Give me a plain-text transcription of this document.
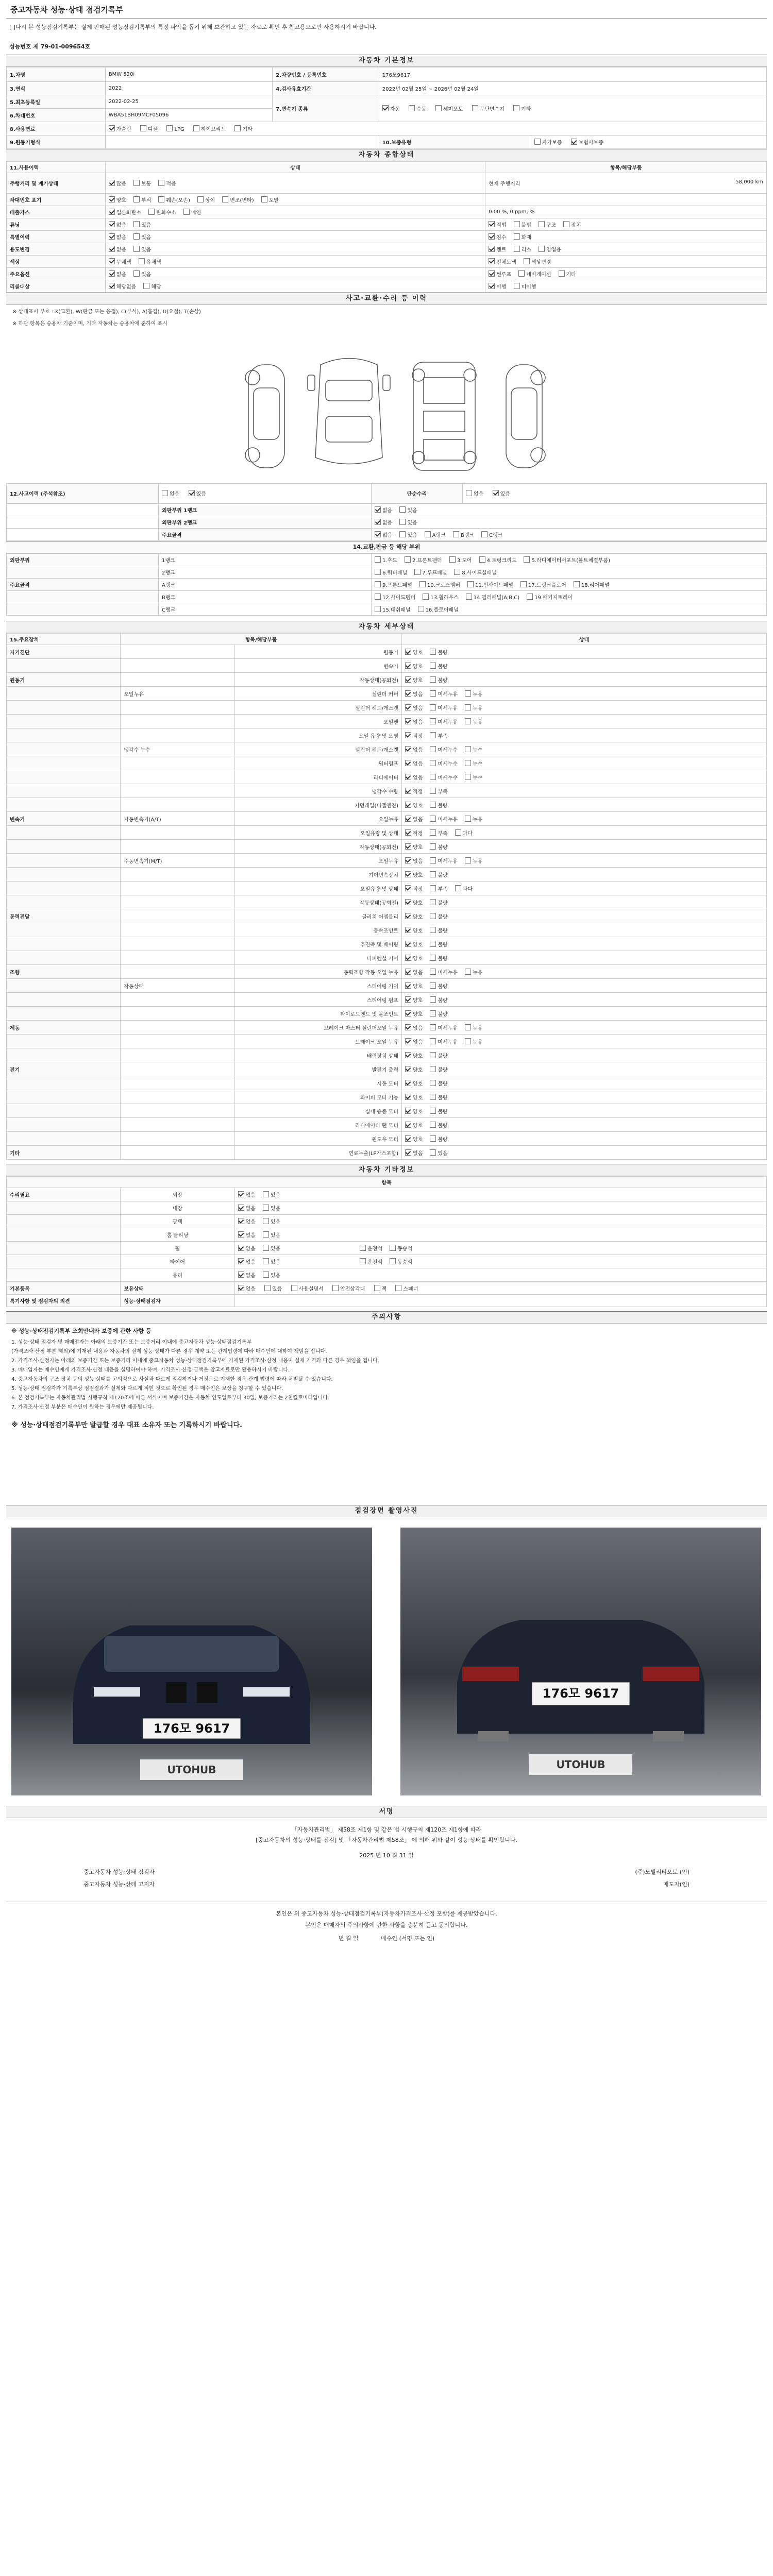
중고자동차 성능·상태 점검기록부
[ ]다시 본 성능점검기록부는 실제 판매된 성능점검기록부의 특징 파악을 돕기 위해 보관하고 있는 자료로 확인 후 참고용으로만 사용하시기 바랍니다.
성능번호 제 79-01-009654호
자동차 기본정보
1.차명	BMW 520i	2.차량번호 / 등록번호	176모9617	
3.연식	2022	4.검사유효기간	2022년 02월 25일 ~ 2026년 02월 24일	
5.최초등록일	2022-02-25	7.변속기 종류	자동 수동 세미오토 무단변속기 기타	
6.차대번호	WBA51BH09MCF05096			
8.사용연료	가솔린 디젤 LPG 하이브리드 기타			
9.원동기형식			10.보증유형	자가보증 보험사보증
자동차 종합상태
11.사용이력	상태	항목/해당부품
주행거리 및 계기상태	많음 보통 적음	현재 주행거리 58,000 km

차대번호 표기	양호 부식 훼손(오손) 상이 변조(변타) 도말	
배출가스	일산화탄소 탄화수소 매연	0.00 %, 0 ppm, %
튜닝	없음 있음	적법 불법 구조 장치
특별이력	없음 있음	침수 화재
용도변경	없음 있음	렌트 리스 영업용
색상	무채색 유채색	전체도색 색상변경
주요옵션	없음 있음	썬루프 네비게이션 기타
리콜대상	해당없음 해당	이행 미이행
사고·교환·수리 등 이력
※ 상태표시 부호 : X(교환), W(판금 또는 용접), C(부식), A(흠집), U(요철), T(손상)
※ 하단 항목은 승용차 기준이며, 기타 자동차는 승용차에 준하여 표시
12.사고이력 (주석참조)	없음	있음	단순수리	없음	있음
	외판부위 1랭크	없음 있음
	외판부위 2랭크	없음 있음
	주요골격	없음 있음 A랭크 B랭크 C랭크
14.교환,판금 등 해당 부위
외판부위	1랭크	1.후드 2.프론트펜더 3.도어 4.트렁크리드 5.라디에이터서포트(볼트체결부품)
	2랭크	6.쿼터패널 7.루프패널 8.사이드실패널
주요골격	A랭크	9.프론트패널 10.크로스멤버 11.인사이드패널 17.트렁크플로어 18.리어패널
	B랭크	12.사이드멤버 13.휠하우스 14.필러패널(A,B,C) 19.패키지트레이
	C랭크	15.대쉬패널 16.플로어패널
자동차 세부상태
15.주요장치	항목/해당부품		상태
자기진단		원동기	양호 불량
		변속기	양호 불량
원동기		작동상태(공회전)	양호 불량
	오일누유	실린더 커버	없음 미세누유 누유
		실린더 헤드/개스켓	없음 미세누유 누유
		오일팬	없음 미세누유 누유
		오일 유량 및 오염	적정 부족
	냉각수 누수	실린더 헤드/개스켓	없음 미세누수 누수
		워터펌프	없음 미세누수 누수
		라디에이터	없음 미세누수 누수
		냉각수 수량	적정 부족
		커먼레일(디젤엔진)	양호 불량
변속기	자동변속기(A/T)	오일누유	없음 미세누유 누유
		오일유량 및 상태	적정 부족 과다
		작동상태(공회전)	양호 불량
	수동변속기(M/T)	오일누유	없음 미세누유 누유
		기어변속장치	양호 불량
		오일유량 및 상태	적정 부족 과다
		작동상태(공회전)	양호 불량
동력전달		클러치 어셈블리	양호 불량
		등속조인트	양호 불량
		추진축 및 베어링	양호 불량
		디퍼렌셜 기어	양호 불량
조향		동력조향 작동 오일 누유	없음 미세누유 누유
	작동상태	스티어링 기어	양호 불량
		스티어링 펌프	양호 불량
		타이로드엔드 및 볼조인트	양호 불량
제동		브레이크 마스터 실린더오일 누유	없음 미세누유 누유
		브레이크 오일 누유	없음 미세누유 누유
		배력장치 상태	양호 불량
전기		발전기 출력	양호 불량
		시동 모터	양호 불량
		와이퍼 모터 기능	양호 불량
		실내 송풍 모터	양호 불량
		라디에이터 팬 모터	양호 불량
		윈도우 모터	양호 불량
기타		연료누출(LP가스포함)	없음 있음
자동차 기타정보
항목		
수리필요	외장	없음 있음
	내장	없음 있음
	광택	없음 있음
	룸 클리닝	없음 있음
	휠	없음 있음 운전석 동승석
	타이어	없음 있음 운전석 동승석
	유리	없음 있음
기본품목	보유상태	없음 있음 사용설명서 안전삼각대 잭 스패너
특기사항 및 점검자의 의견	성능·상태점검자	
주의사항
※ 성능·상태점검기록부 조회안내와 보증에 관한 사항 등
1. 성능·상태 점검자 및 매매업자는 아래의 보증기간 또는 보증거리 이내에 중고자동차 성능·상태점검기록부
(가격조사·산정 부분 제외)에 기재된 내용과 자동차의 실제 성능·상태가 다른 경우 계약 또는 관계법령에 따라 매수인에 대하여 책임을 집니다.
2. 가격조사·산정자는 아래의 보증기간 또는 보증거리 이내에 중고자동차 성능·상태점검기록부에 기재된 가격조사·산정 내용이 실제 가격과 다른 경우 책임을 집니다.
3. 매매업자는 매수인에게 가격조사·산정 내용을 설명하여야 하며, 가격조사·산정 금액은 참고자료로만 활용하시기 바랍니다.
4. 중고자동차의 구조·장치 등의 성능·상태를 고의적으로 사실과 다르게 점검하거나 거짓으로 기재한 경우 관계 법령에 따라 처벌될 수 있습니다.
5. 성능·상태 점검자가 기록부상 점검결과가 실제와 다르게 적힌 것으로 확인된 경우 매수인은 보상을 청구할 수 있습니다.
6. 본 점검기록부는 자동차관리법 시행규칙 제120조에 따른 서식이며 보증기간은 자동차 인도일로부터 30일, 보증거리는 2천킬로미터입니다.
7. 가격조사·산정 부분은 매수인이 원하는 경우에만 제공됩니다.
※ 성능·상태점검기록부만 발급할 경우 대표 소유자 또는 기록하시기 바랍니다.
점검장면 촬영사진
176모 9617
UTOHUB
176모 9617
UTOHUB
서명
「자동차관리법」 제58조 제1항 및 같은 법 시행규칙 제120조 제1항에 따라
[중고자동차의 성능·상태를 점검] 및 「자동차관리법 제58조」 에 의해 위와 같이 성능·상태를 확인합니다.
2025 년 10 월 31 일
중고자동차 성능·상태 점검자	(주)모빌리티오토 (인)
중고자동차 성능·상태 고지자	매도자(인)
본인은 위 중고자동차 성능·상태점검기록부(자동차가격조사·산정 포함)를 제공받았습니다.
본인은 매매자의 주의사항에 관한 사항을 충분히 듣고 동의합니다.
년 월 일	매수인 (서명 또는 인)
